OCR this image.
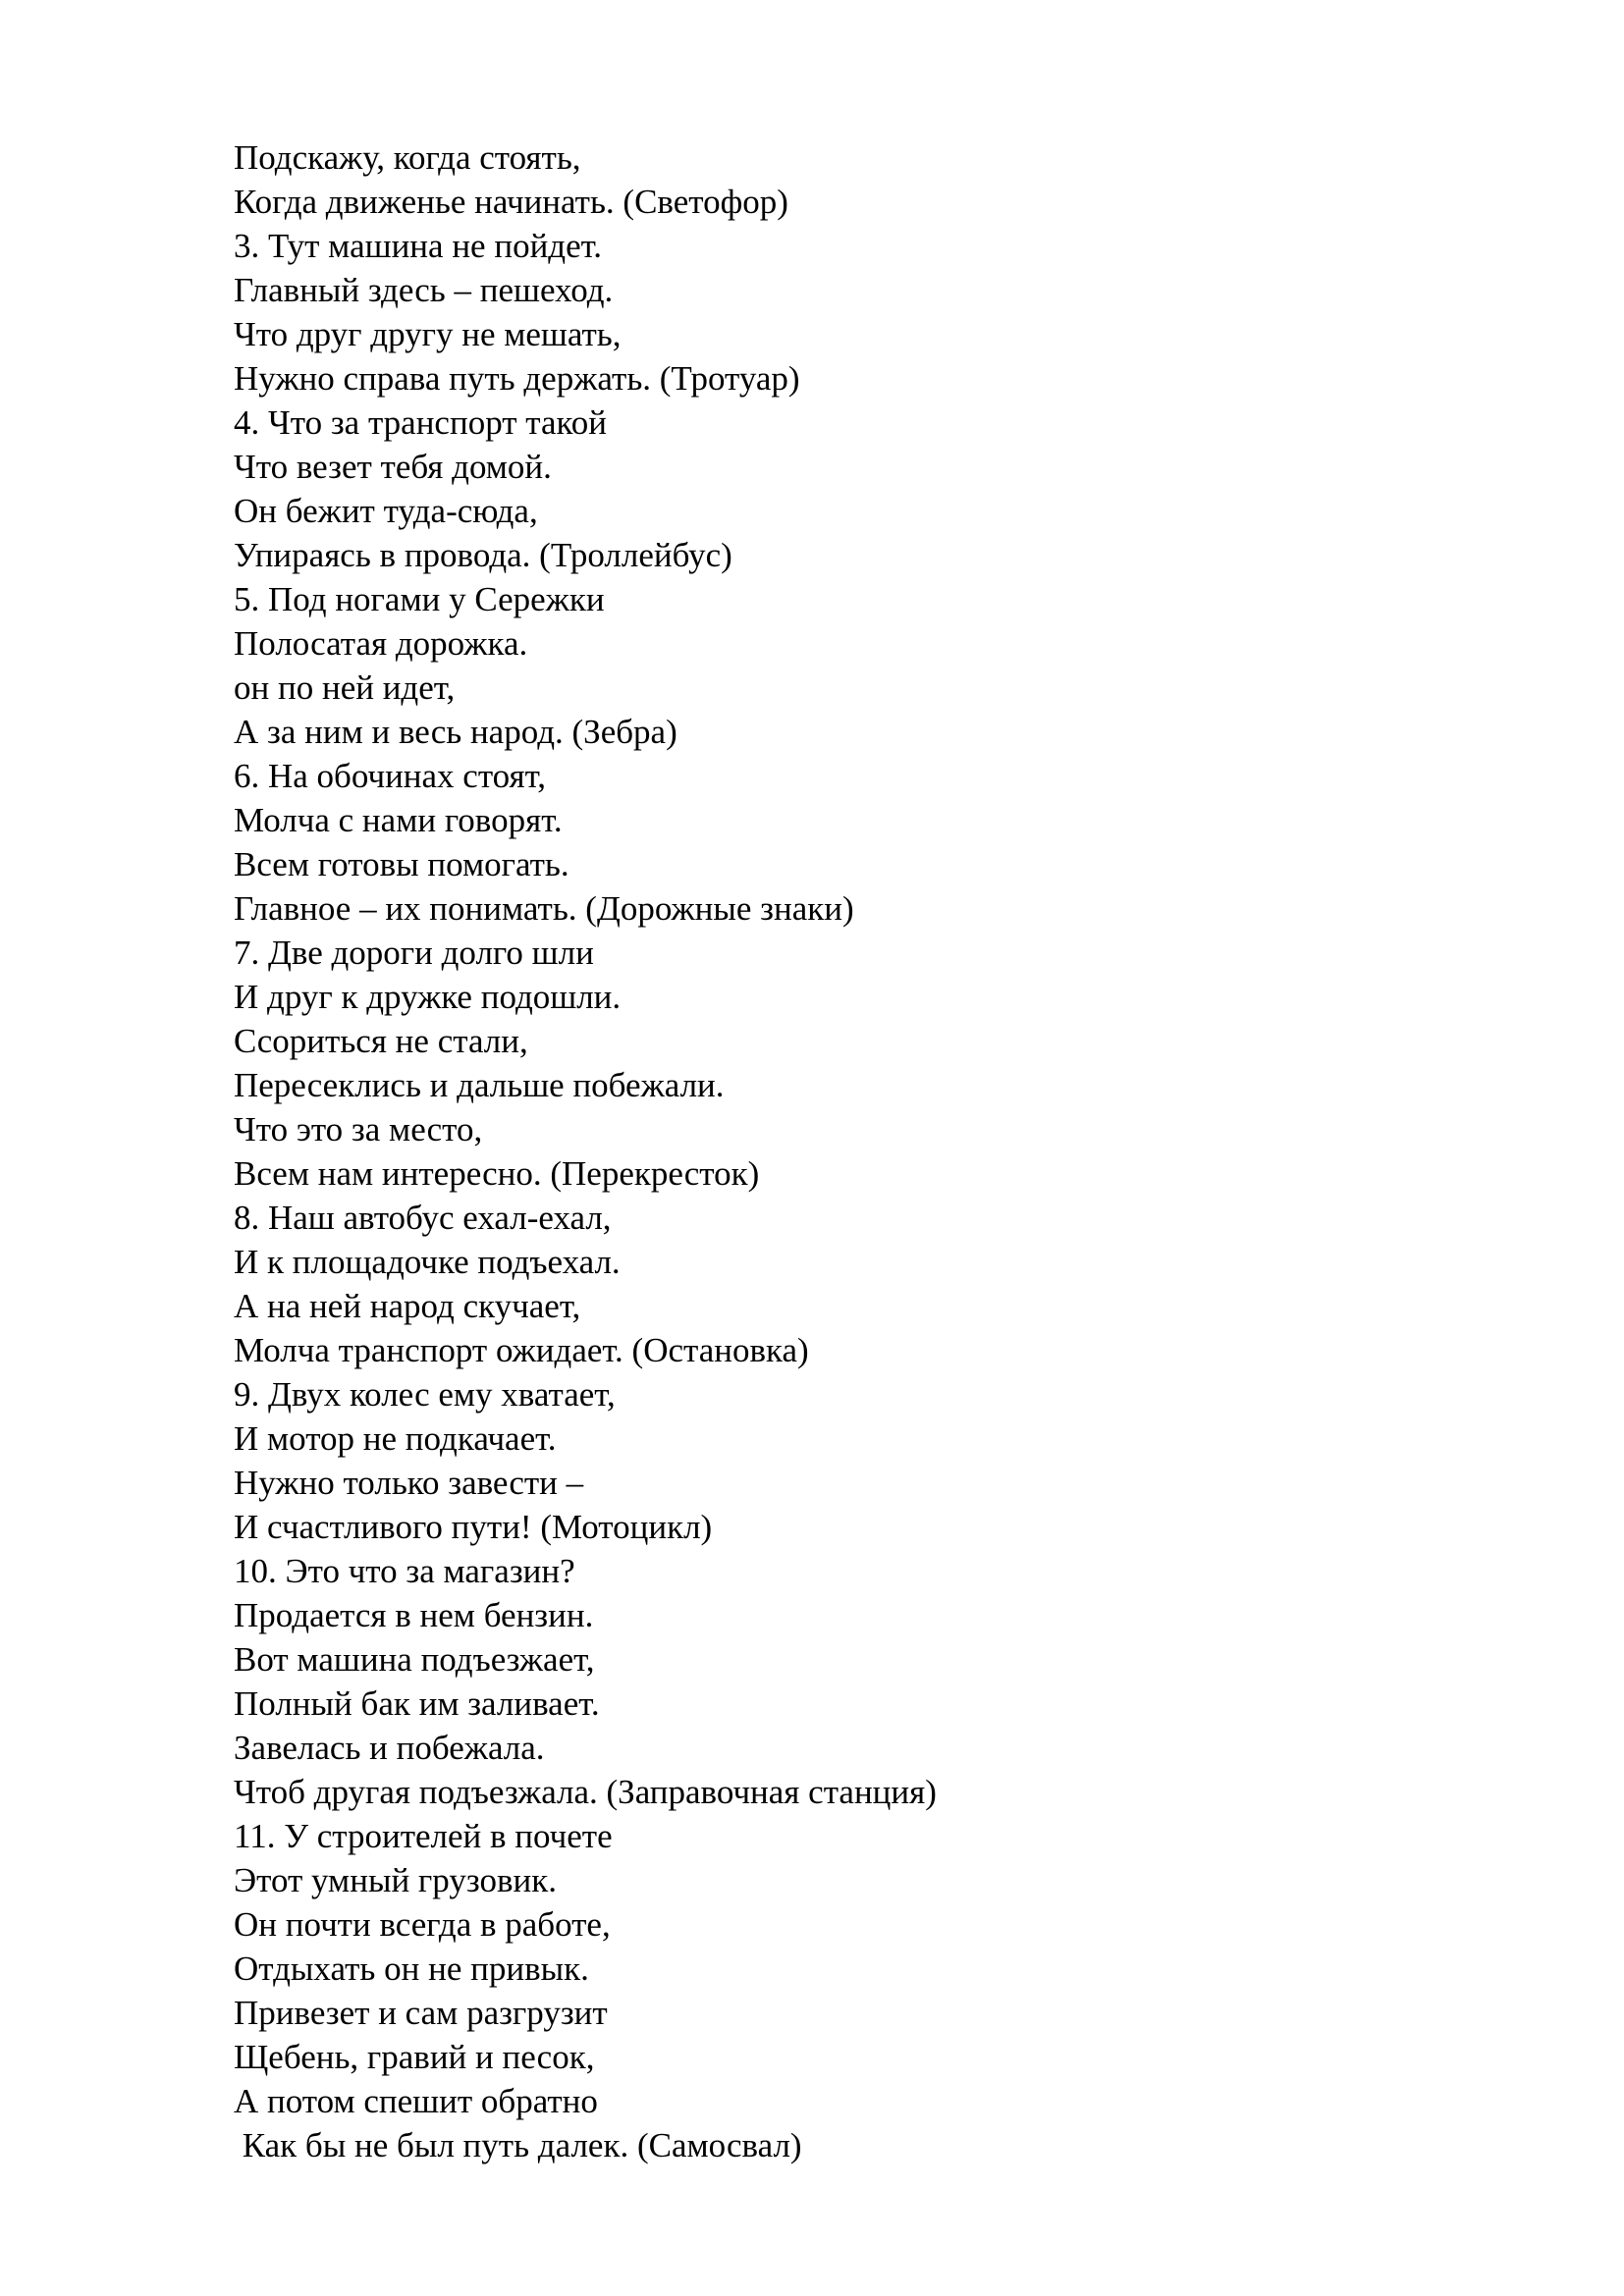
Подскажу, когда стоять,
Когда движенье начинать. (Светофор)
3. Тут машина не пойдет.
Главный здесь – пешеход.
Что друг другу не мешать,
Нужно справа путь держать. (Тротуар)
4. Что за транспорт такой
Что везет тебя домой.
Он бежит туда-сюда,
Упираясь в провода. (Троллейбус)
5. Под ногами у Сережки
Полосатая дорожка.
он по ней идет,
А за ним и весь народ. (Зебра)
6. На обочинах стоят,
Молча с нами говорят.
Всем готовы помогать.
Главное – их понимать. (Дорожные знаки)
7. Две дороги долго шли
И друг к дружке подошли.
Ссориться не стали,
Пересеклись и дальше побежали.
Что это за место,
Всем нам интересно. (Перекресток)
8. Наш автобус ехал-ехал,
И к площадочке подъехал.
А на ней народ скучает,
Молча транспорт ожидает. (Остановка)
9. Двух колес ему хватает,
И мотор не подкачает.
Нужно только завести –
И счастливого пути! (Мотоцикл)
10. Это что за магазин?
Продается в нем бензин.
Вот машина подъезжает,
Полный бак им заливает.
Завелась и побежала.
Чтоб другая подъезжала. (Заправочная станция)
11. У строителей в почете
Этот умный грузовик.
Он почти всегда в работе,
Отдыхать он не привык.
Привезет и сам разгрузит
Щебень, гравий и песок,
А потом спешит обратно
Как бы не был путь далек. (Самосвал)
